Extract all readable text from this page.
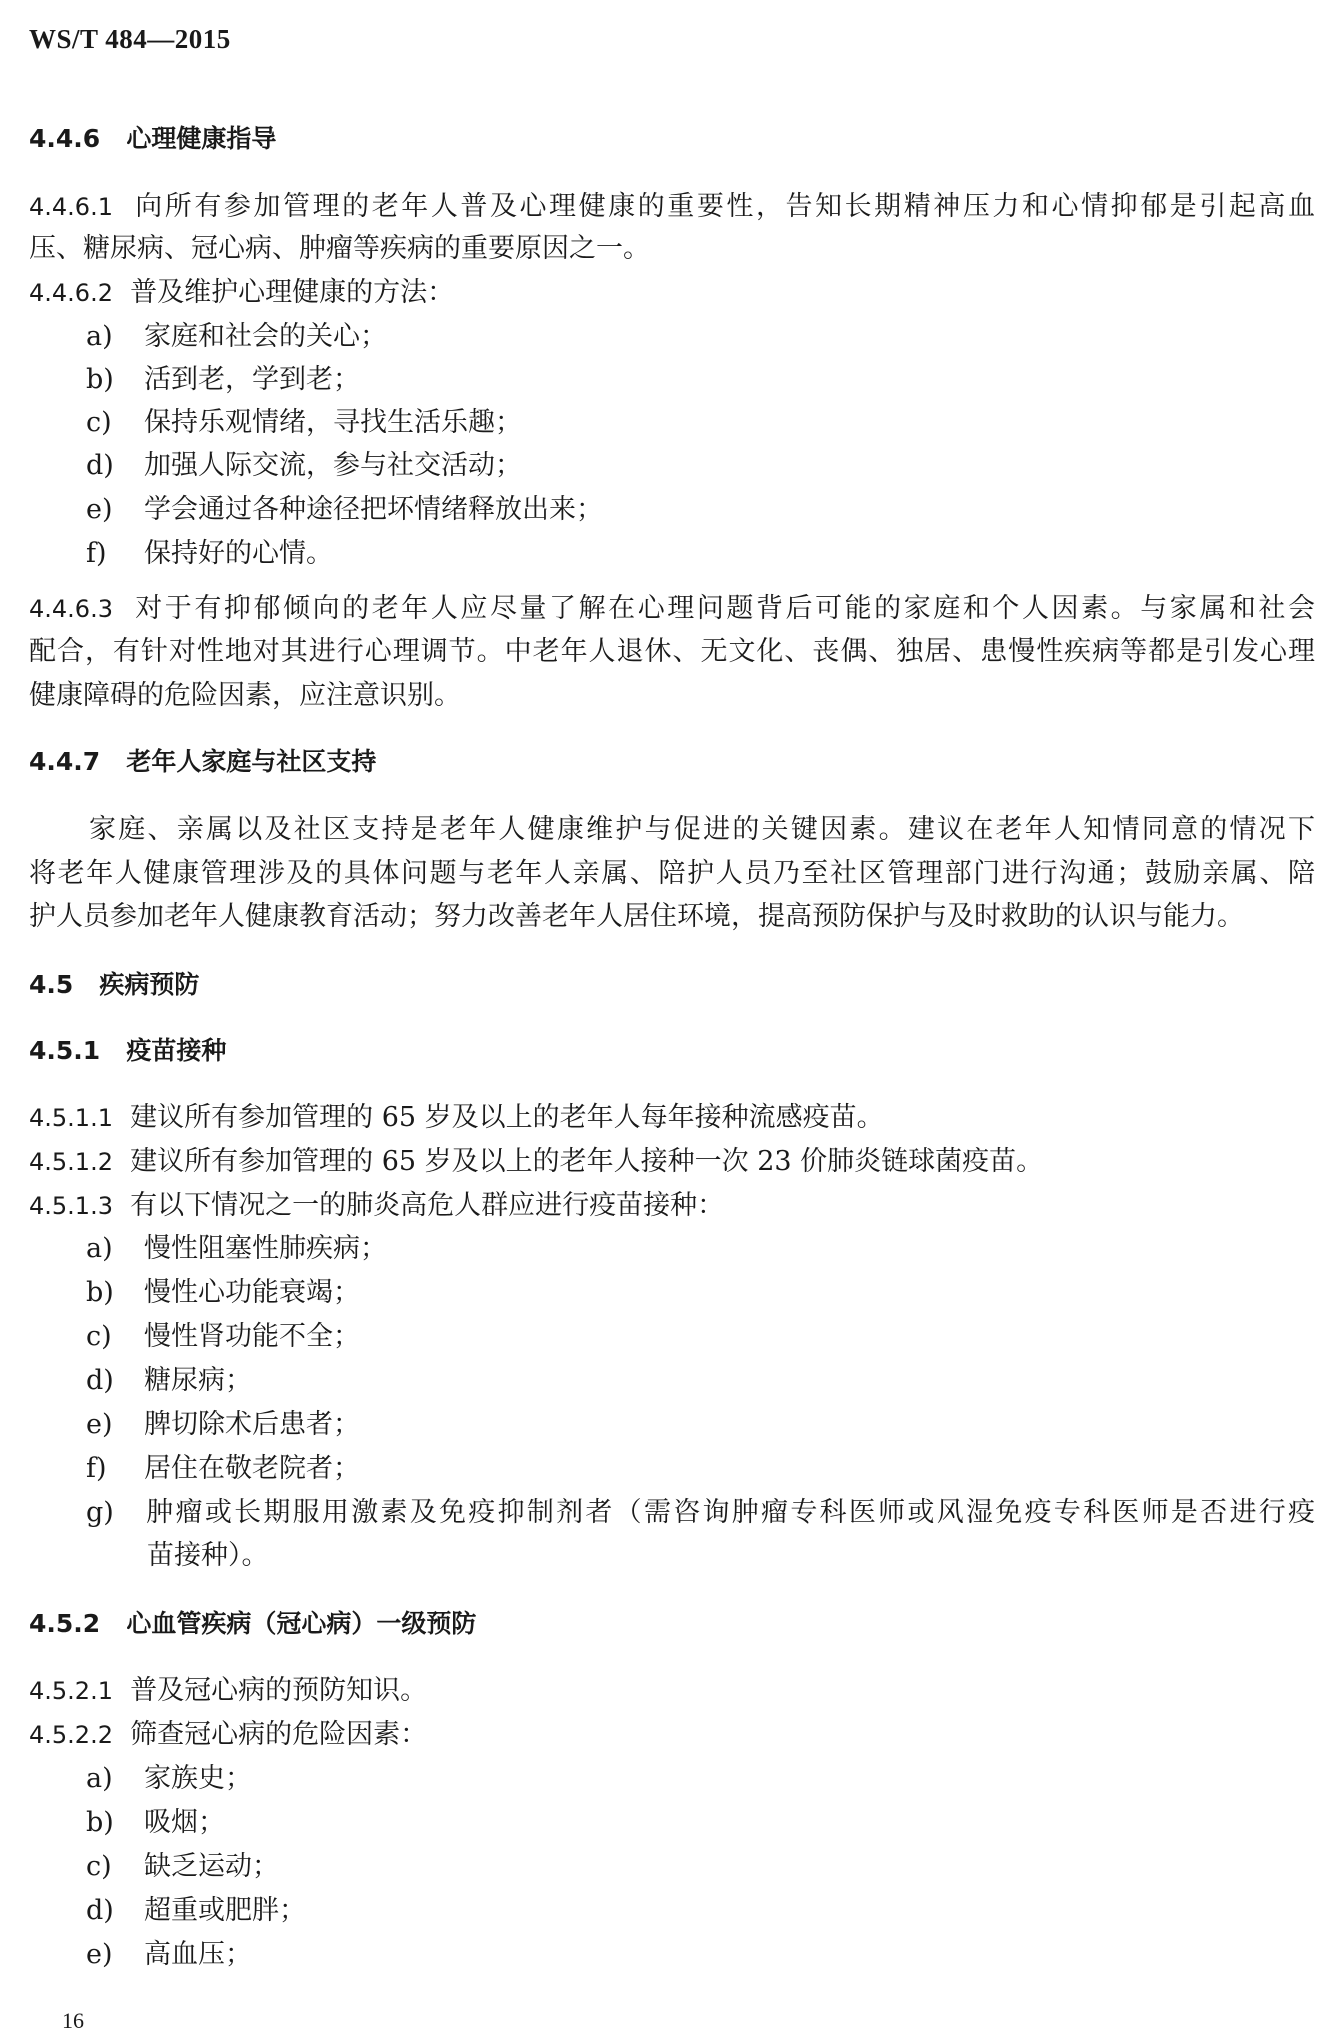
WS/T 484—2015
4.4.6 心理健康指导
4.4.6.1 向所有参加管理的老年人普及心理健康的重要性，告知长期精神压力和心情抑郁是引起高血
压、糖尿病、冠心病、肿瘤等疾病的重要原因之一。
4.4.6.2 普及维护心理健康的方法：
a) 家庭和社会的关心；
b) 活到老，学到老；
c) 保持乐观情绪，寻找生活乐趣；
d) 加强人际交流，参与社交活动；
e) 学会通过各种途径把坏情绪释放出来；
f) 保持好的心情。
4.4.6.3 对于有抑郁倾向的老年人应尽量了解在心理问题背后可能的家庭和个人因素。与家属和社会
配合，有针对性地对其进行心理调节。中老年人退休、无文化、丧偶、独居、患慢性疾病等都是引发心理
健康障碍的危险因素，应注意识别。
4.4.7 老年人家庭与社区支持
家庭、亲属以及社区支持是老年人健康维护与促进的关键因素。建议在老年人知情同意的情况下
将老年人健康管理涉及的具体问题与老年人亲属、陪护人员乃至社区管理部门进行沟通；鼓励亲属、陪
护人员参加老年人健康教育活动；努力改善老年人居住环境，提高预防保护与及时救助的认识与能力。
4.5 疾病预防
4.5.1 疫苗接种
4.5.1.1 建议所有参加管理的 65 岁及以上的老年人每年接种流感疫苗。
4.5.1.2 建议所有参加管理的 65 岁及以上的老年人接种一次 23 价肺炎链球菌疫苗。
4.5.1.3 有以下情况之一的肺炎高危人群应进行疫苗接种：
a) 慢性阻塞性肺疾病；
b) 慢性心功能衰竭；
c) 慢性肾功能不全；
d) 糖尿病；
e) 脾切除术后患者；
f) 居住在敬老院者；
g) 肿瘤或长期服用激素及免疫抑制剂者（需咨询肿瘤专科医师或风湿免疫专科医师是否进行疫
苗接种）。
4.5.2 心血管疾病（冠心病）一级预防
4.5.2.1 普及冠心病的预防知识。
4.5.2.2 筛查冠心病的危险因素：
a) 家族史；
b) 吸烟；
c) 缺乏运动；
d) 超重或肥胖；
e) 高血压；
16
